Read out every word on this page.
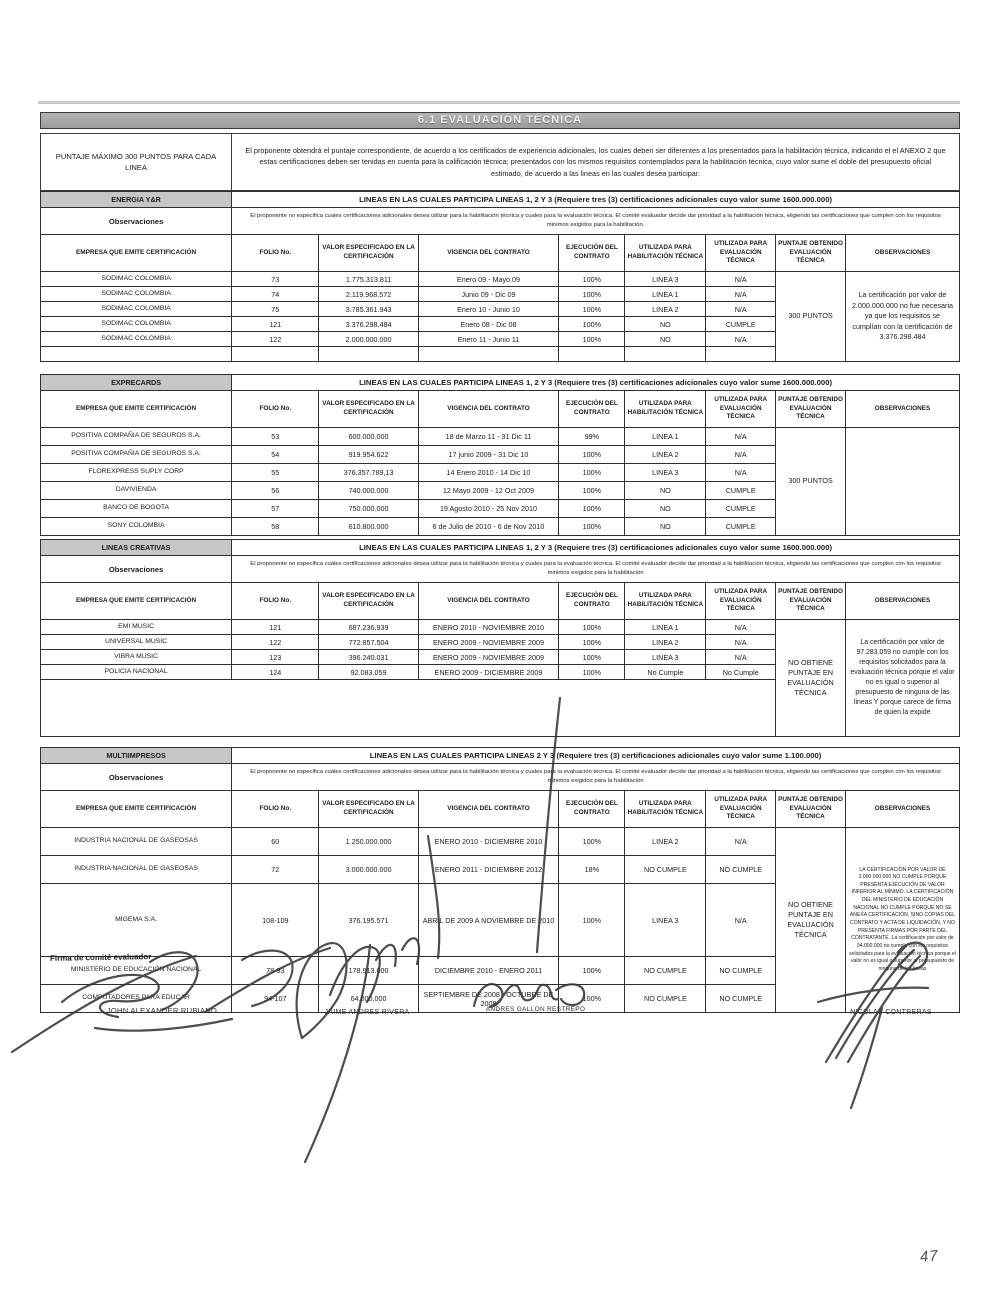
6.1 EVALUACIÓN TÉCNICA
PUNTAJE MÁXIMO 300 PUNTOS PARA CADA LINEA
El proponente obtendrá el puntaje correspondiente, de acuerdo a los certificados de experiencia adicionales, los cuales deben ser diferentes a los presentados para la habilitación técnica, indicando el el ANEXO 2 que estas certificaciones deben ser tenidas en cuenta para la calificación técnica; presentados con los mismos requisitos contemplados para la habilitación técnica, cuyo valor sume el doble del presupuesto oficial estimado, de acuerdo a las lineas en las cuales desea participar.
ENERGIA Y&R	LINEAS EN LAS CUALES PARTICIPA LINEAS 1, 2 Y 3 (Requiere tres (3) certificaciones adicionales cuyo valor sume 1600.000.000)							
Observaciones	El proponente no especifica cuales certificaciones adicionales desea utilizar para la habilitación técnica y cuales para la evaluación técnica. El comité evaluador decide dar prioridad a la habilitación técnica, eligiendo las certificaciones que cumplen con los requisitos minimos exigidos para la habilitación.							
EMPRESA QUE EMITE CERTIFICACIÓN	FOLIO No.	VALOR ESPECIFICADO EN LA CERTIFICACIÓN	VIGENCIA DEL CONTRATO	EJECUCIÓN DEL CONTRATO	UTILIZADA PARA HABILITACIÓN TÉCNICA	UTILIZADA PARA EVALUACIÓN TÉCNICA	PUNTAJE OBTENIDO EVALUACIÓN TÉCNICA	OBSERVACIONES
SODIMAC COLOMBIA	73	1.775.313.811	Enero 09 - Mayo 09	100%	LINEA 3	N/A	300 PUNTOS	La certificación por valor de 2.000.000.000 no fue necesaria ya que los requisitos se cumplían con la certificación de 3.376.298.484
SODIMAC COLOMBIA	74	2.119.968.572	Junio 09 - Dic 09	100%	LINEA 1	N/A		
SODIMAC COLOMBIA	75	3.785.361.943	Enero 10 - Junio 10	100%	LINEA 2	N/A		
SODIMAC COLOMBIA	121	3.376.298.484	Enero 08 - Dic 08	100%	NO	CUMPLE		
SODIMAC COLOMBIA	122	2.000.000.000	Enero 11 - Junio 11	100%	NO	N/A		

EXPRECARDS	LINEAS EN LAS CUALES PARTICIPA LINEAS 1, 2 Y 3 (Requiere tres (3) certificaciones adicionales cuyo valor sume 1600.000.000)							
EMPRESA QUE EMITE CERTIFICACIÓN	FOLIO No.	VALOR ESPECIFICADO EN LA CERTIFICACIÓN	VIGENCIA DEL CONTRATO	EJECUCIÓN DEL CONTRATO	UTILIZADA PARA HABILITACIÓN TÉCNICA	UTILIZADA PARA EVALUACIÓN TÉCNICA	PUNTAJE OBTENIDO EVALUACIÓN TÉCNICA	OBSERVACIONES
POSITIVA COMPAÑIA DE SEGUROS S.A.	53	600.000.000	18 de Marzo 11 - 31 Dic 11	99%	LINEA 1	N/A	300 PUNTOS	
POSITIVA COMPAÑIA DE SEGUROS S.A.	54	919.954.622	17 junio 2009 - 31 Dic 10	100%	LINEA 2	N/A		
FLOREXPRESS SUPLY CORP	55	376.357.789,13	14 Enero 2010 - 14 Dic 10	100%	LINEA 3	N/A		
DAVIVIENDA	56	740.000.000	12 Mayo 2009 - 12 Oct 2009	100%	NO	CUMPLE		
BANCO DE BOGOTA	57	750.000.000	19 Agosto 2010 - 25 Nov 2010	100%	NO	CUMPLE		
SONY COLOMBIA	58	610.800.000	6 de Julio de 2010 - 6 de Nov 2010	100%	NO	CUMPLE		
LINEAS CREATIVAS	LINEAS EN LAS CUALES PARTICIPA LINEAS 1, 2 Y 3 (Requiere tres (3) certificaciones adicionales cuyo valor sume 1600.000.000)							
Observaciones	El proponente no especifica cuales certificaciones adicionales desea utilizar para la habilitación técnica y cuales para la evaluación técnica. El comité evaluador decide dar prioridad a la habilitación técnica, eligiendo las certificaciones que cumplen con los requisitos minimos exigidos para la habilitación							
EMPRESA QUE EMITE CERTIFICACIÓN	FOLIO No.	VALOR ESPECIFICADO EN LA CERTIFICACIÓN	VIGENCIA DEL CONTRATO	EJECUCIÓN DEL CONTRATO	UTILIZADA PARA HABILITACIÓN TÉCNICA	UTILIZADA PARA EVALUACIÓN TÉCNICA	PUNTAJE OBTENIDO EVALUACIÓN TÉCNICA	OBSERVACIONES
EMI MUSIC	121	687.236.939	ENERO 2010 - NOVIEMBRE 2010	100%	LINEA 1	N/A	NO OBTIENE PUNTAJE EN EVALUACIÓN TÉCNICA	La certificación por valor de 97.283.059 no cumple con los requisitos solicitados para la evaluación técnica porque el valor no es igual o superior al presupuesto de ninguna de las lineas Y porque carece de firma de quien la expide
UNIVERSAL MUSIC	122	772.857.504	ENERO 2009 - NOVIEMBRE 2009	100%	LINEA 2	N/A		
VIBRA MUSIC	123	396.240.031	ENERO 2009 - NOVIEMBRE 2009	100%	LINEA 3	N/A		
POLICIA NACIONAL	124	92.083.059	ENERO 2009 - DICIEMBRE 2009	100%	No Cumple	No Cumple		

MULTIIMPRESOS	LINEAS EN LAS CUALES PARTICIPA LINEAS 2 Y 3 (Requiere tres (3) certificaciones adicionales cuyo valor sume 1.100.000)							
Observaciones	El proponente no especifica cuales certificaciones adicionales desea utilizar para la habilitación técnica y cuales para la evaluación técnica. El comité evaluador decide dar prioridad a la habilitación técnica, eligiendo las certificaciones que cumplen con los requisitos minimos exigidos para la habilitación							
EMPRESA QUE EMITE CERTIFICACIÓN	FOLIO No.	VALOR ESPECIFICADO EN LA CERTIFICACIÓN	VIGENCIA DEL CONTRATO	EJECUCIÓN DEL CONTRATO	UTILIZADA PARA HABILITACIÓN TÉCNICA	UTILIZADA PARA EVALUACIÓN TÉCNICA	PUNTAJE OBTENIDO EVALUACIÓN TÉCNICA	OBSERVACIONES
INDUSTRIA NACIONAL DE GASEOSAS	60	1.250.000.000	ENERO 2010 - DICIEMBRE 2010	100%	LINEA 2	N/A	NO OBTIENE PUNTAJE EN EVALUACIÓN TÉCNICA	LA CERTIFICACIÓN POR VALOR DE 3.000.000.000 NO CUMPLE PORQUE PRESENTA EJECUCIÓN DE VALOR INFERIOR AL MÍNIMO. LA CERTIFICACIÓN DEL MINISTERIO DE EDUCACIÓN NACIONAL NO CUMPLE PORQUE NO SE ANEXA CERTIFICACIÓN, SINO COPIAS DEL CONTRATO Y ACTA DE LIQUIDACIÓN, Y NO PRESENTA FIRMAS POR PARTE DEL CONTRATANTE. La certificación por valor de 94.000.000 no cumple con los requisitos solicitados para la evaluación técnica porque el valor no es igual o superior al presupuesto de ninguna de las lineas
INDUSTRIA NACIONAL DE GASEOSAS	72	3.000.000.000	ENERO 2011 - DICIEMBRE 2012	18%	NO CUMPLE	NO CUMPLE		
MIGEMA S.A.	108-109	376.195.571	ABRIL DE 2009 A NOVIEMBRE DE 2010	100%	LINEA 3	N/A		
MINISTERIO DE EDUCACIÓN NACIONAL	78-93	178.913.000	DICIEMBRE 2010 - ENERO 2011	100%	NO CUMPLE	NO CUMPLE		
COMPUTADORES PARA EDUCAR	94-107	64.000.000	SEPTIEMBRE DE 2008 - OCTUBRE DE 2008	100%	NO CUMPLE	NO CUMPLE		
Firma de comité evaluador
JOHN ALEXANDER RUBIANO	JAIME ANDRES RIVERA	ANDRES GALLON RESTREPO	NICOLAS CONTRERAS
47
